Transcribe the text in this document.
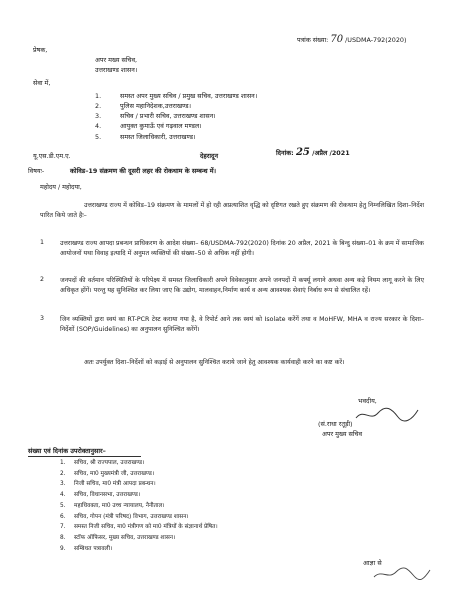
पत्रांक संख्या: 70 /USDMA-792(2020)
प्रेषक,
अपर मख्य सचिव,
उत्तराखण्ड शासन।
सेवा में,
1.	समस्त अपर मुख्य सचिव / प्रमुख सचिव, उत्तराखण्ड शासन।
2.	पुलिस महानिदेशक,उत्तराखण्ड।
3.	सचिव / प्रभारी सचिव, उत्तराखण्ड शासन।
4.	आयुक्त कुमाऊँ एवं गढ़वाल मण्डल।
5.	समस्त जिलाधिकारी, उत्तराखण्ड।
यू.एस.डी.एम.ए.	देहरादून	दिनांक: 25 /अप्रैल /2021
विषयः-	कोविड–19 संक्रमण की दूसरी लहर की रोकथाम के सम्बन्ध में।
महोदय / महोदया,
उत्तराखण्ड राज्य में कोविड–19 संक्रमण के मामलों में हो रही अप्रत्याशित वृद्धि को दृष्टिगत रखते हुए संक्रमण की रोकथाम हेतु निम्नलिखित दिशा–निर्देश पारित किये जाते हैः–
1	उत्तराखण्ड राज्य आपदा प्रबन्धन प्राधिकरण के आदेश संख्या– 68/USDMA-792(2020) दिनांक 20 अप्रैल, 2021 के बिन्दु संख्या–01 के क्रम में सामाजिक आयोजनों यथा विवाह इत्यादि में अनुमत व्यक्तियों की संख्या–50 से अधिक नहीं होगी।
2	जनपदों की वर्तमान परिस्थितियों के परिपेक्ष्य में समस्त जिलाधिकारी अपने विवेकानुसार अपने जनपदों में कर्फ्यू लगाने अथवा अन्य कड़े नियम लागू करने के लिए अधिकृत होंगें। परन्तु यह सुनिश्चित कर लिया जाए कि उद्योग, मालवाहन,निर्माण कार्य व अन्य आवश्यक सेवाएं निर्बाध रूप से संचालित रहें।
3	जिन व्यक्तियों द्वारा स्वयं का RT-PCR टेस्ट कराया गया है, वे रिपोर्ट आने तक स्वयं को Isolate करेंगें तथा व MoHFW, MHA व राज्य सरकार के दिशा–निर्देशों (SOP/Guidelines) का अनुपालन सुनिश्चित करेंगें।
अतः उपर्युक्त दिशा–निर्देशों को कड़ाई से अनुपालन सुनिश्चित कराये जाने हेतु आवश्यक कार्यवाही करने का कष्ट करें।
भवदीय,
(सं.राधा रतूड़ी)
अपर मुख्य सचिव
संख्या एवं दिनांक उपरोक्तानुसार–
1. सचिव, श्री राज्यपाल, उत्तराखण्ड।
2. सचिव, मा0 मुख्यमंत्री जी, उत्तराखण्ड।
3. निजी सचिव, मा0 मंत्री आपदा प्रबन्धन।
4. सचिव, विधानसभा, उत्तराखण्ड।
5. महाधिवक्ता, मा0 उच्च न्यायालय, नैनीताल।
6. सचिव, गोपन (मंत्री परिषद) विभाग, उत्तराखण्ड शासन।
7. समस्त निजी सचिव, मा0 मंत्रीगण को मा0 मंत्रियों के संज्ञानार्थ प्रेषित।
8. स्टॉफ ऑफिसर, मुख्य सचिव, उत्तराखण्ड शासन।
9. सम्बिधत पत्रावली।
आज्ञा से
